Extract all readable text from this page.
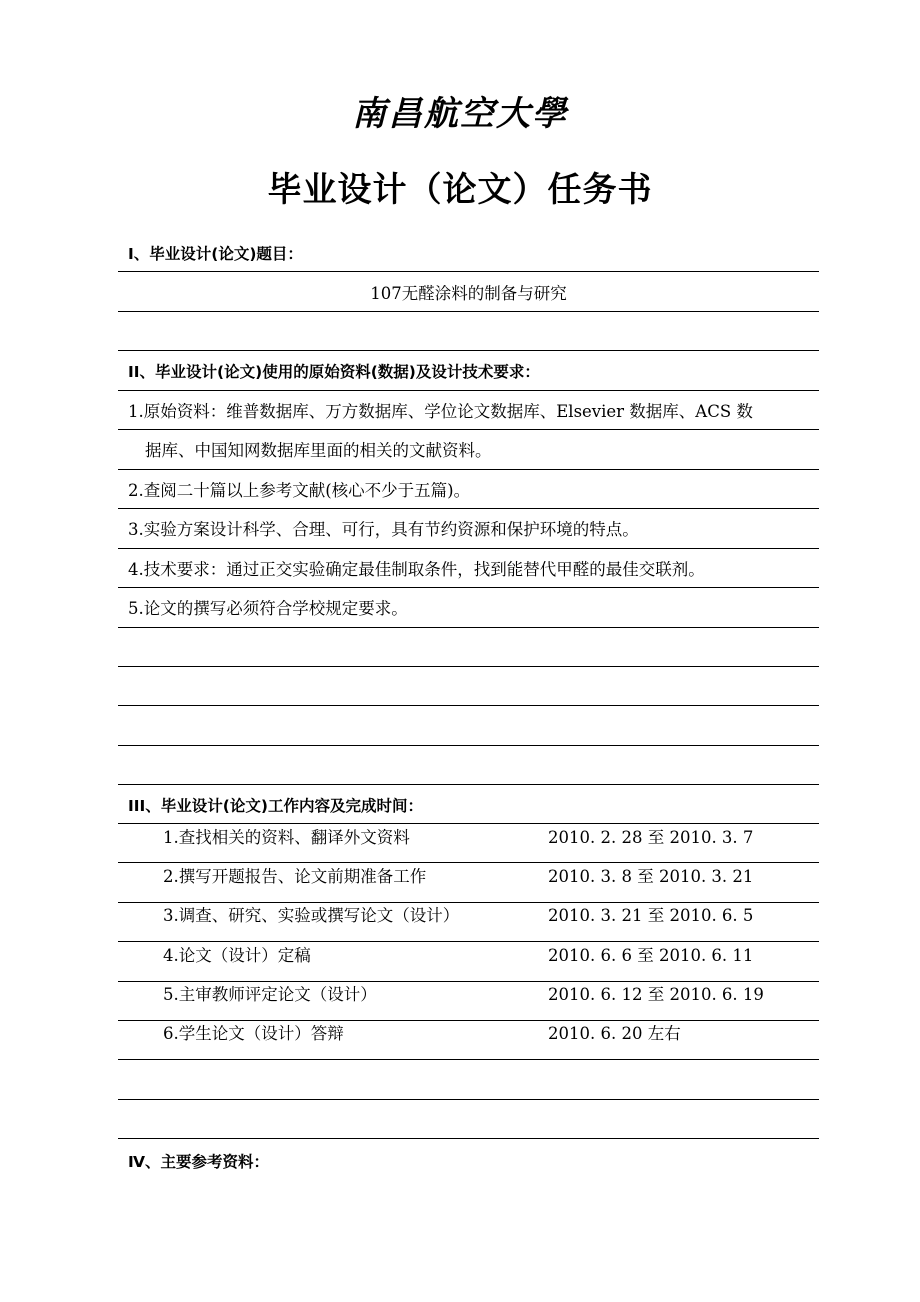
南昌航空大學
毕业设计（论文）任务书
I、毕业设计(论文)题目：
107无醛涂料的制备与研究
II、毕业设计(论文)使用的原始资料(数据)及设计技术要求：
1.原始资料：维普数据库、万方数据库、学位论文数据库、Elsevier 数据库、ACS 数
据库、中国知网数据库里面的相关的文献资料。
2.查阅二十篇以上参考文献(核心不少于五篇)。
3.实验方案设计科学、合理、可行，具有节约资源和保护环境的特点。
4.技术要求：通过正交实验确定最佳制取条件，找到能替代甲醛的最佳交联剂。
5.论文的撰写必须符合学校规定要求。
III、毕业设计(论文)工作内容及完成时间：
1.查找相关的资料、翻译外文资料	2010. 2. 28 至 2010. 3. 7
2.撰写开题报告、论文前期准备工作	2010. 3. 8 至 2010. 3. 21
3.调查、研究、实验或撰写论文（设计）	2010. 3. 21 至 2010. 6. 5
4.论文（设计）定稿	2010. 6. 6 至 2010. 6. 11
5.主审教师评定论文（设计）	2010. 6. 12 至 2010. 6. 19
6.学生论文（设计）答辩	2010. 6. 20 左右
Ⅳ、主要参考资料：
